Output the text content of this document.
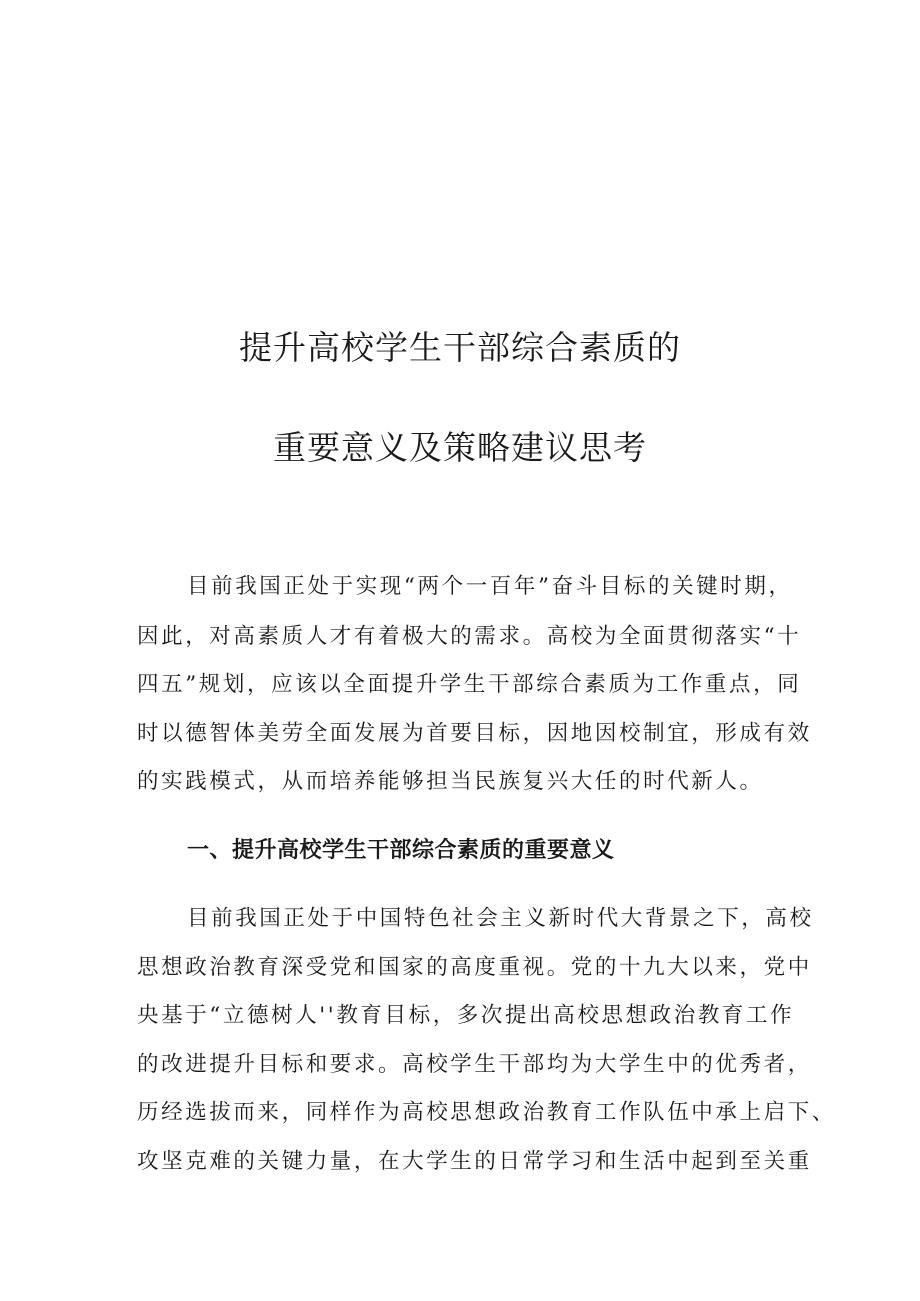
提升高校学生干部综合素质的
重要意义及策略建议思考

目前我国正处于实现“两个一百年”奋斗目标的关键时期，

因此，对高素质人才有着极大的需求。高校为全面贯彻落实“十

四五”规划，应该以全面提升学生干部综合素质为工作重点，同

时以德智体美劳全面发展为首要目标，因地因校制宜，形成有效

的实践模式，从而培养能够担当民族复兴大任的时代新人。

一、提升高校学生干部综合素质的重要意义

目前我国正处于中国特色社会主义新时代大背景之下，高校

思想政治教育深受党和国家的高度重视。党的十九大以来，党中

央基于“立德树人''教育目标，多次提出高校思想政治教育工作

的改进提升目标和要求。高校学生干部均为大学生中的优秀者，

历经选拔而来，同样作为高校思想政治教育工作队伍中承上启下、

攻坚克难的关键力量，在大学生的日常学习和生活中起到至关重
